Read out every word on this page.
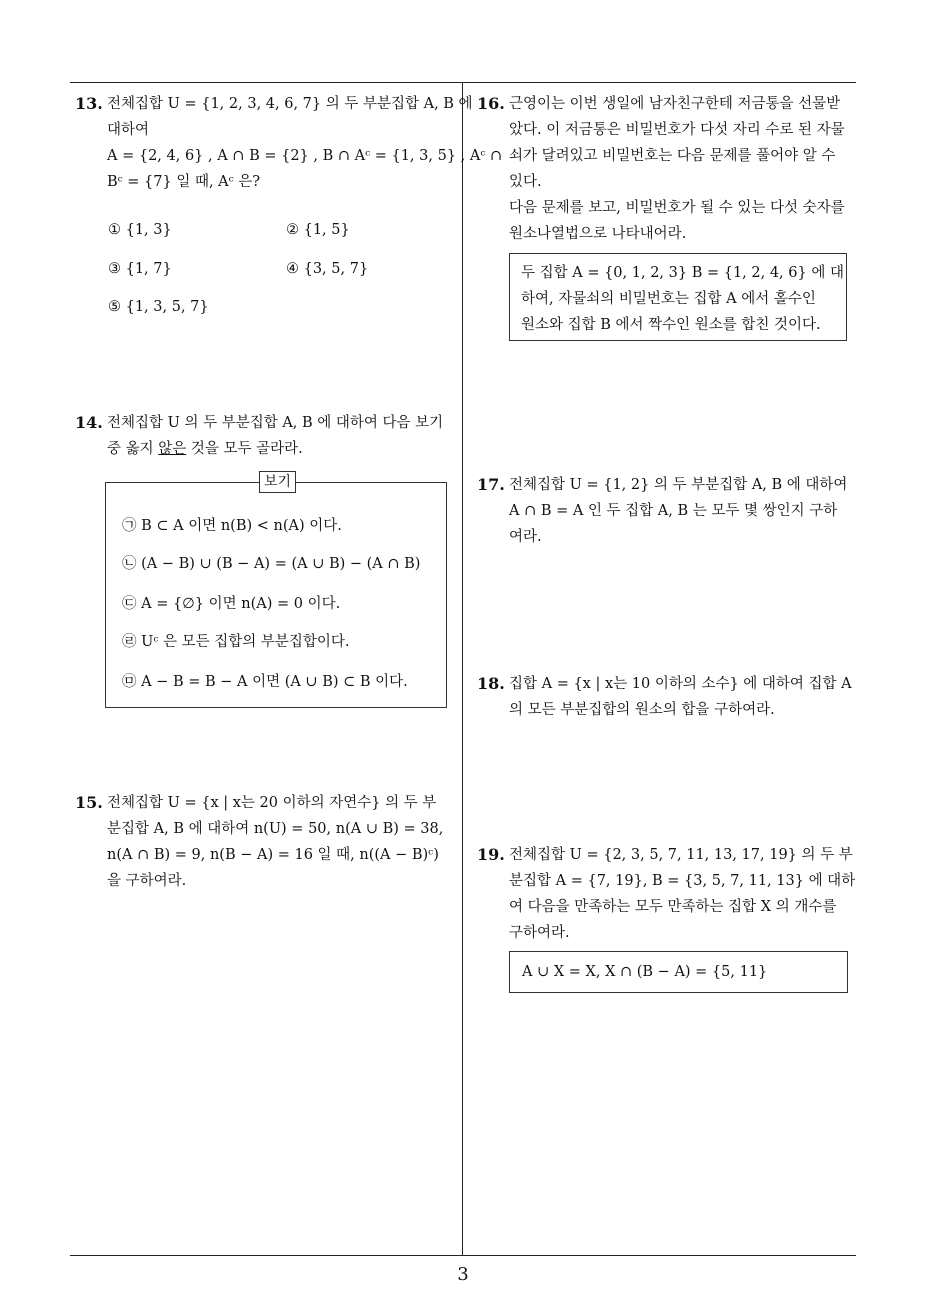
3
13. 전체집합 U = {1, 2, 3, 4, 6, 7} 의 두 부분집합 A, B 에
대하여
A = {2, 4, 6} , A ∩ B = {2} , B ∩ Aᶜ = {1, 3, 5} , Aᶜ ∩
Bᶜ = {7} 일 때, Aᶜ 은?
① {1, 3}	② {1, 5}
③ {1, 7}	④ {3, 5, 7}
⑤ {1, 3, 5, 7}
14. 전체집합 U 의 두 부분집합 A, B 에 대하여 다음 보기
중 옳지 않은 것을 모두 골라라.
보기
㉠ B ⊂ A 이면 n(B) < n(A) 이다.
㉡ (A − B) ∪ (B − A) = (A ∪ B) − (A ∩ B)
㉢ A = {∅} 이면 n(A) = 0 이다.
㉣ Uᶜ 은 모든 집합의 부분집합이다.
㉤ A − B = B − A 이면 (A ∪ B) ⊂ B 이다.
15. 전체집합 U = {x | x는 20 이하의 자연수} 의 두 부
분집합 A, B 에 대하여 n(U) = 50, n(A ∪ B) = 38,
n(A ∩ B) = 9, n(B − A) = 16 일 때, n((A − B)ᶜ)
을 구하여라.
16. 근영이는 이번 생일에 남자친구한테 저금통을 선물받
았다. 이 저금통은 비밀번호가 다섯 자리 수로 된 자물
쇠가 달려있고 비밀번호는 다음 문제를 풀어야 알 수
있다.
다음 문제를 보고, 비밀번호가 될 수 있는 다섯 숫자를
원소나열법으로 나타내어라.
두 집합 A = {0, 1, 2, 3} B = {1, 2, 4, 6} 에 대
하여, 자물쇠의 비밀번호는 집합 A 에서 홀수인
원소와 집합 B 에서 짝수인 원소를 합친 것이다.
17. 전체집합 U = {1, 2} 의 두 부분집합 A, B 에 대하여
A ∩ B = A 인 두 집합 A, B 는 모두 몇 쌍인지 구하
여라.
18. 집합 A = {x | x는 10 이하의 소수} 에 대하여 집합 A
의 모든 부분집합의 원소의 합을 구하여라.
19. 전체집합 U = {2, 3, 5, 7, 11, 13, 17, 19} 의 두 부
분집합 A = {7, 19}, B = {3, 5, 7, 11, 13} 에 대하
여 다음을 만족하는 모두 만족하는 집합 X 의 개수를
구하여라.
A ∪ X = X, X ∩ (B − A) = {5, 11}
